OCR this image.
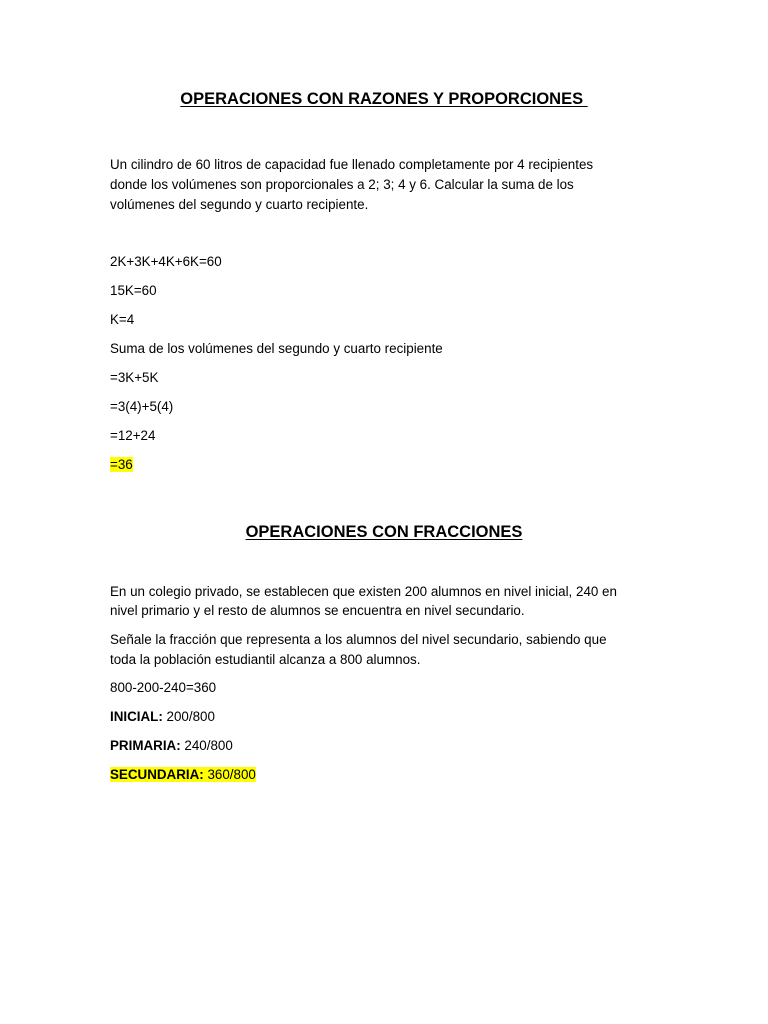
OPERACIONES CON RAZONES Y PROPORCIONES
Un cilindro de 60 litros de capacidad fue llenado completamente por 4 recipientes
donde los volúmenes son proporcionales a 2; 3; 4 y 6. Calcular la suma de los
volúmenes del segundo y cuarto recipiente.
2K+3K+4K+6K=60
15K=60
K=4
Suma de los volúmenes del segundo y cuarto recipiente
=3K+5K
=3(4)+5(4)
=12+24
=36
OPERACIONES CON FRACCIONES
En un colegio privado, se establecen que existen 200 alumnos en nivel inicial, 240 en
nivel primario y el resto de alumnos se encuentra en nivel secundario.
Señale la fracción que representa a los alumnos del nivel secundario, sabiendo que
toda la población estudiantil alcanza a 800 alumnos.
800-200-240=360
INICIAL: 200/800
PRIMARIA: 240/800
SECUNDARIA: 360/800
